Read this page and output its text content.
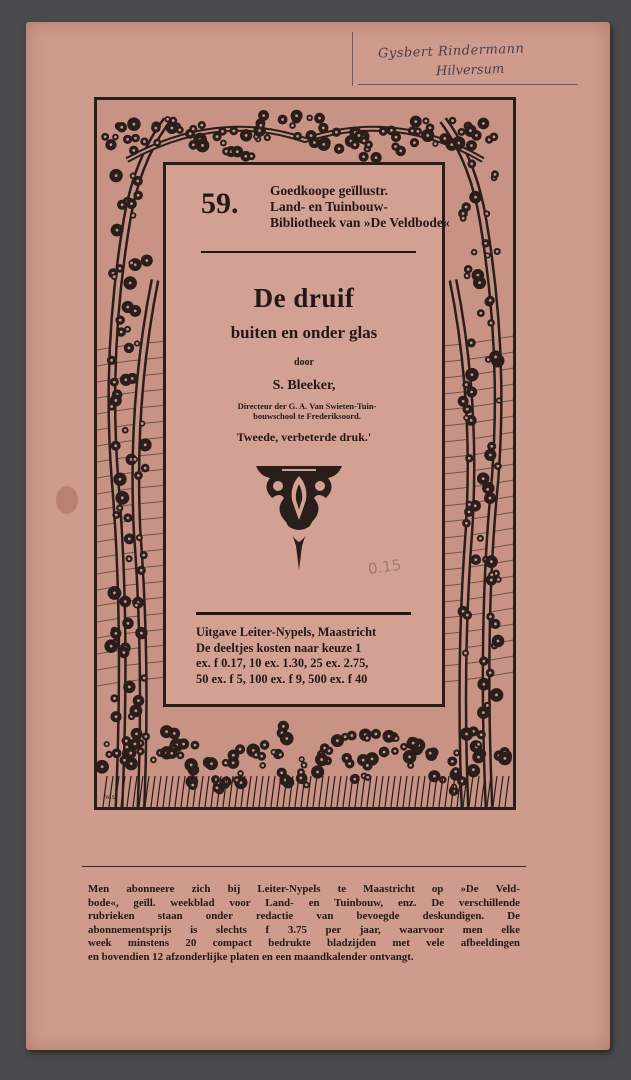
Gysbert Rindermann
Hilversum
59. Goedkoope geïllustr.
Land- en Tuinbouw-
Bibliotheek van »De Veldbode«
De druif
buiten en onder glas
door
S. Bleeker,
Directeur der G. A. Van Swieten-Tuin-
bouwschool te Frederiksoord.
Tweede, verbeterde druk.'
0.15
Uitgave Leiter-Nypels, Maastricht
De deeltjes kosten naar keuze 1
ex. f 0.17, 10 ex. 1.30, 25 ex. 2.75,
50 ex. f 5, 100 ex. f 9, 500 ex. f 40
W.S.
Men abonneere zich bij Leiter-Nypels te Maastricht op »De Veld-
bode«, geïll. weekblad voor Land- en Tuinbouw, enz. De verschillende
rubrieken staan onder redactie van bevoegde deskundigen. De
abonnementsprijs is slechts f 3.75 per jaar, waarvoor men elke
week minstens 20 compact bedrukte bladzijden met vele afbeeldingen
en bovendien 12 afzonderlijke platen en een maandkalender ontvangt.
